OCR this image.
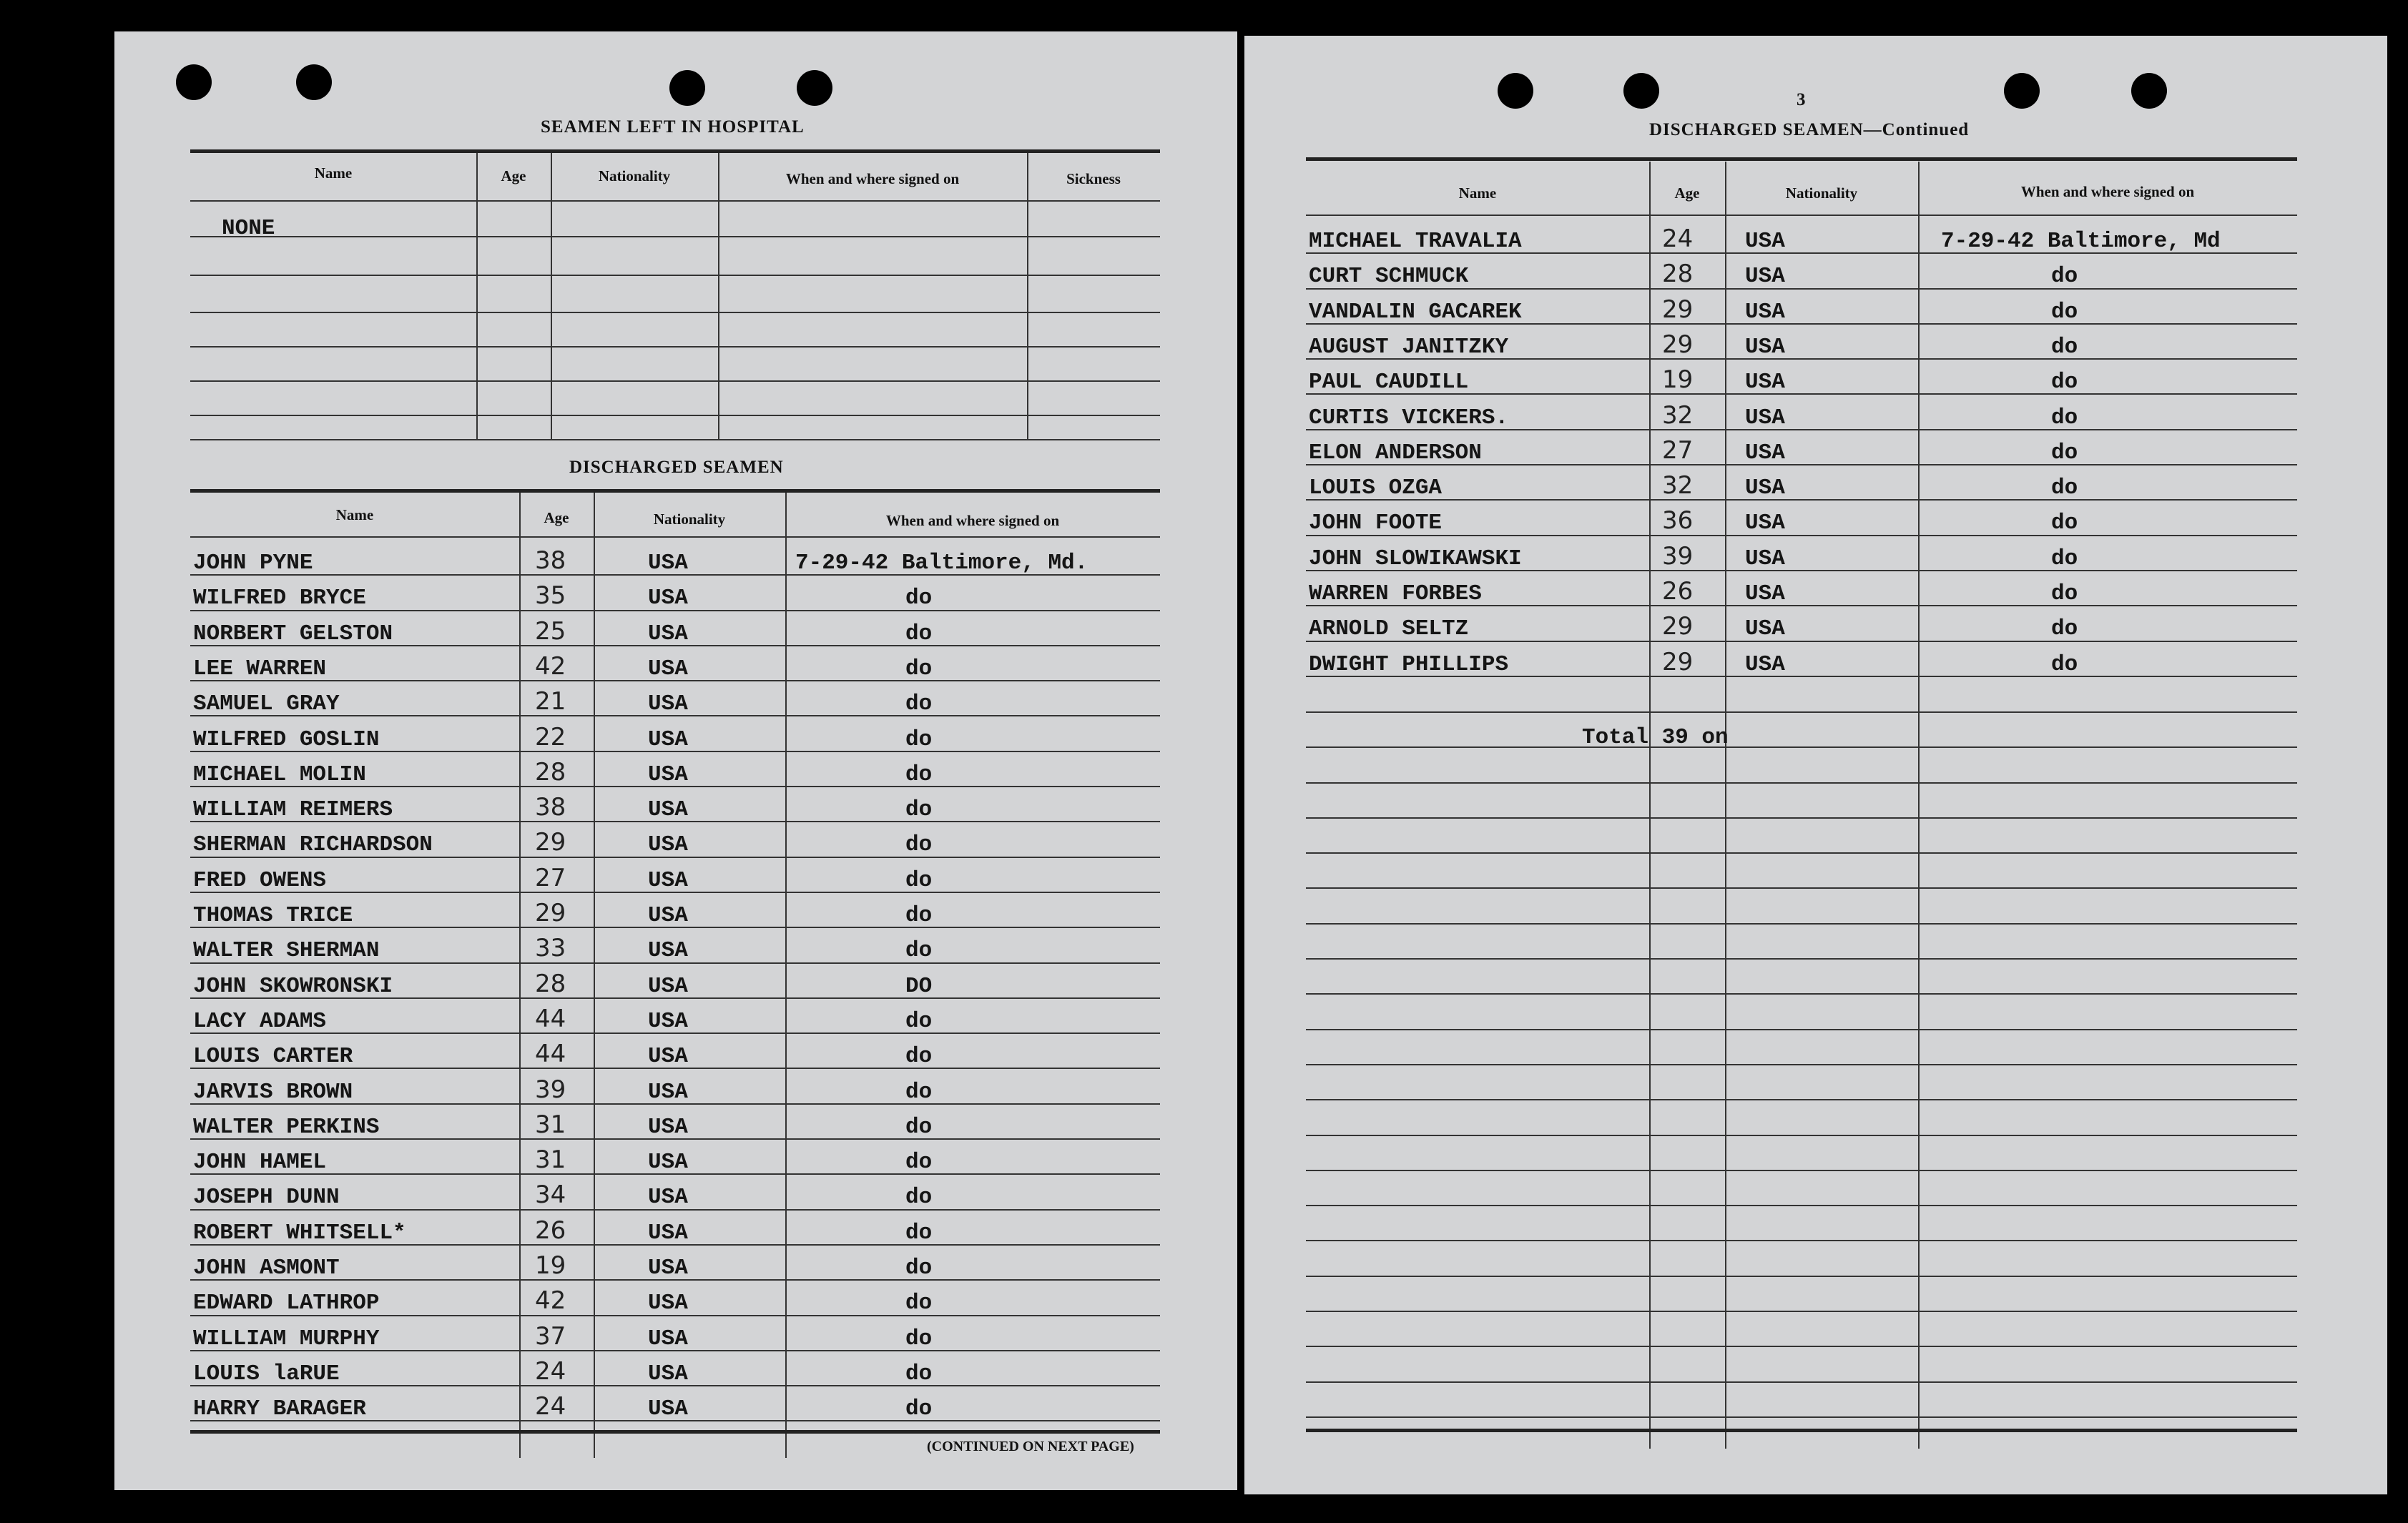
SEAMEN LEFT IN HOSPITAL
Name	Age	Nationality	When and where signed on	Sickness
NONE
DISCHARGED SEAMEN
Name	Age	Nationality	When and where signed on
JOHN PYNE	38	USA	7-29-42 Baltimore, Md.
WILFRED BRYCE	35	USA	do
NORBERT GELSTON	25	USA	do
LEE WARREN	42	USA	do
SAMUEL GRAY	21	USA	do
WILFRED GOSLIN	22	USA	do
MICHAEL MOLIN	28	USA	do
WILLIAM REIMERS	38	USA	do
SHERMAN RICHARDSON	29	USA	do
FRED OWENS	27	USA	do
THOMAS TRICE	29	USA	do
WALTER SHERMAN	33	USA	do
JOHN SKOWRONSKI	28	USA	DO
LACY ADAMS	44	USA	do
LOUIS CARTER	44	USA	do
JARVIS BROWN	39	USA	do
WALTER PERKINS	31	USA	do
JOHN HAMEL	31	USA	do
JOSEPH DUNN	34	USA	do
ROBERT WHITSELL*	26	USA	do
JOHN ASMONT	19	USA	do
EDWARD LATHROP	42	USA	do
WILLIAM MURPHY	37	USA	do
LOUIS laRUE	24	USA	do
HARRY BARAGER	24	USA	do
(CONTINUED ON NEXT PAGE)
3
DISCHARGED SEAMEN—Continued
Name	Age	Nationality	When and where signed on
MICHAEL TRAVALIA	24 USA	7-29-42 Baltimore, Md
CURT SCHMUCK	28 USA	do
VANDALIN GACAREK	29 USA	do
AUGUST JANITZKY	29 USA	do
PAUL CAUDILL	19 USA	do
CURTIS VICKERS.	32 USA	do
ELON ANDERSON	27 USA	do
LOUIS OZGA	32 USA	do
JOHN FOOTE	36 USA	do
JOHN SLOWIKAWSKI	39 USA	do
WARREN FORBES	26 USA	do
ARNOLD SELTZ	29 USA	do
DWIGHT PHILLIPS	29 USA	do
Total 39 on
